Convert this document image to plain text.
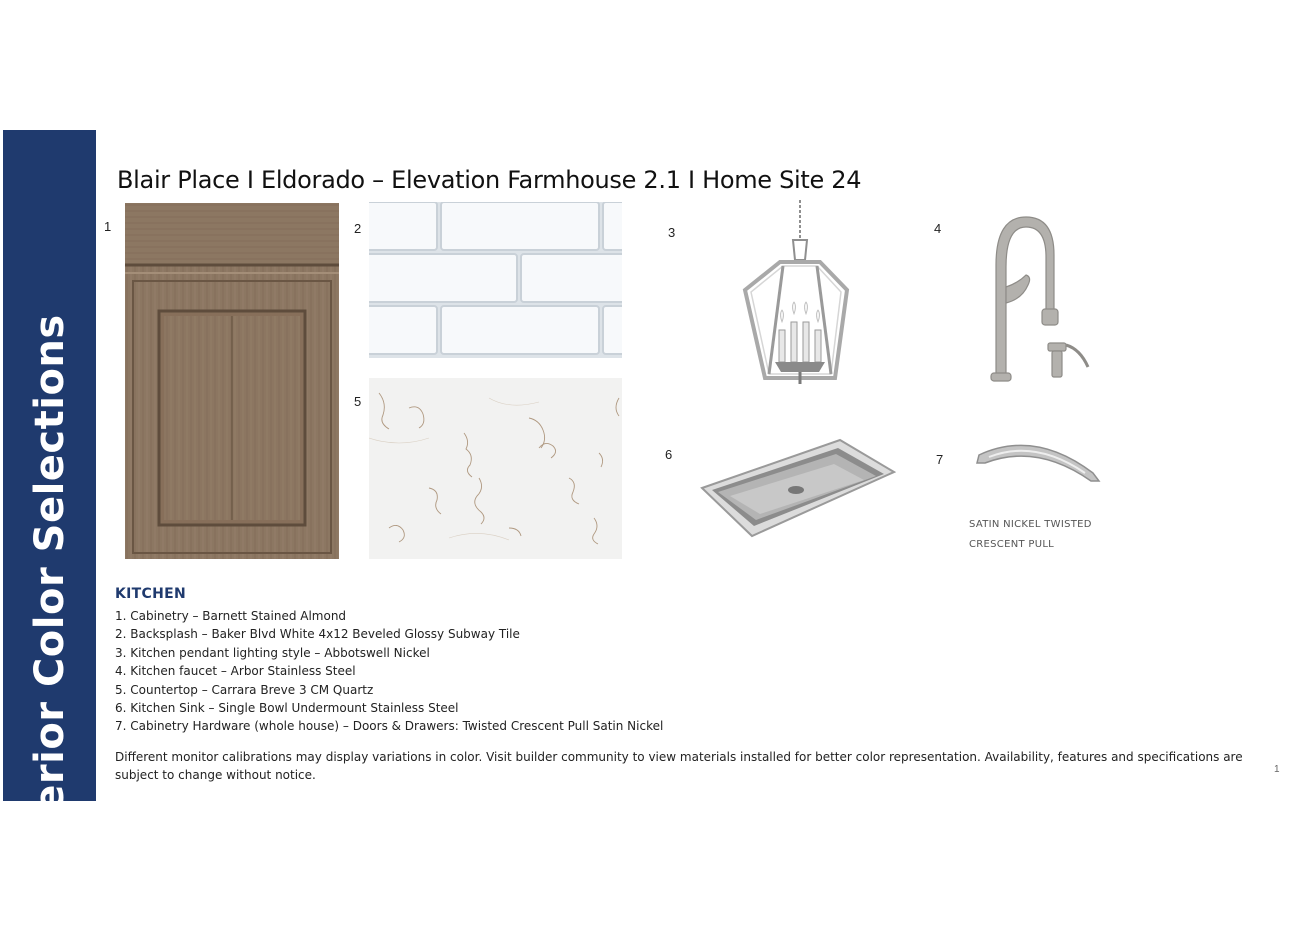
Interior Color Selections
Blair Place I Eldorado – Elevation Farmhouse 2.1 I Home Site 24
1	2	3	4
5
6	7
SATIN NICKEL TWISTED
CRESCENT PULL
KITCHEN
1. Cabinetry – Barnett Stained Almond
2. Backsplash – Baker Blvd White 4x12 Beveled Glossy Subway Tile
3. Kitchen pendant lighting style – Abbotswell Nickel
4. Kitchen faucet – Arbor Stainless Steel
5. Countertop – Carrara Breve 3 CM Quartz
6. Kitchen Sink – Single Bowl Undermount Stainless Steel
7. Cabinetry Hardware (whole house) – Doors & Drawers: Twisted Crescent Pull Satin Nickel
Different monitor calibrations may display variations in color. Visit builder community to view materials installed for better color representation. Availability, features and specifications are subject to change without notice.	1
